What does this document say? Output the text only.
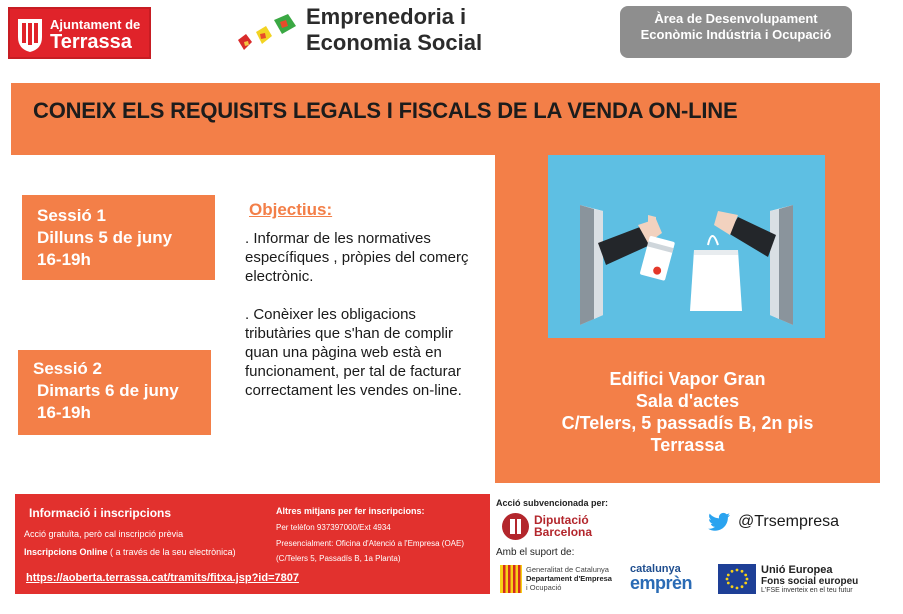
Ajuntament de
Terrassa
Emprenedoria i
Economia Social
Àrea de Desenvolupament
Econòmic Indústria i Ocupació
CONEIX ELS REQUISITS LEGALS I FISCALS DE LA VENDA ON-LINE
Sessió 1
Dilluns 5 de juny
16-19h
Sessió 2
Dimarts 6 de juny
16-19h
Objectius:

. Informar de les normatives específiques , pròpies del comerç electrònic.

. Conèixer les obligacions tributàries que s'han de complir quan una pàgina web està en funcionament, per tal de facturar correctament les vendes on-line.

Edifici Vapor Gran
Sala d'actes
C/Telers, 5 passadís B, 2n pis
Terrassa
Informació i inscripcions
Acció gratuïta, però cal inscripció prèvia
Inscripcions Online ( a través de la seu electrònica)
https://aoberta.terrassa.cat/tramits/fitxa.jsp?id=7807
Altres mitjans per fer inscripcions:
Per telèfon 937397000/Ext 4934
Presencialment: Oficina d'Atenció a l'Empresa (OAE)
(C/Telers 5, Passadís B, 1a Planta)
Acció subvencionada per:
Diputació
Barcelona
@Trsempresa
Amb el suport de:
Generalitat de Catalunya
Departament d'Empresa
i Ocupació
catalunya
emprèn
Unió Europea
Fons social europeu
L'FSE inverteix en el teu futur
